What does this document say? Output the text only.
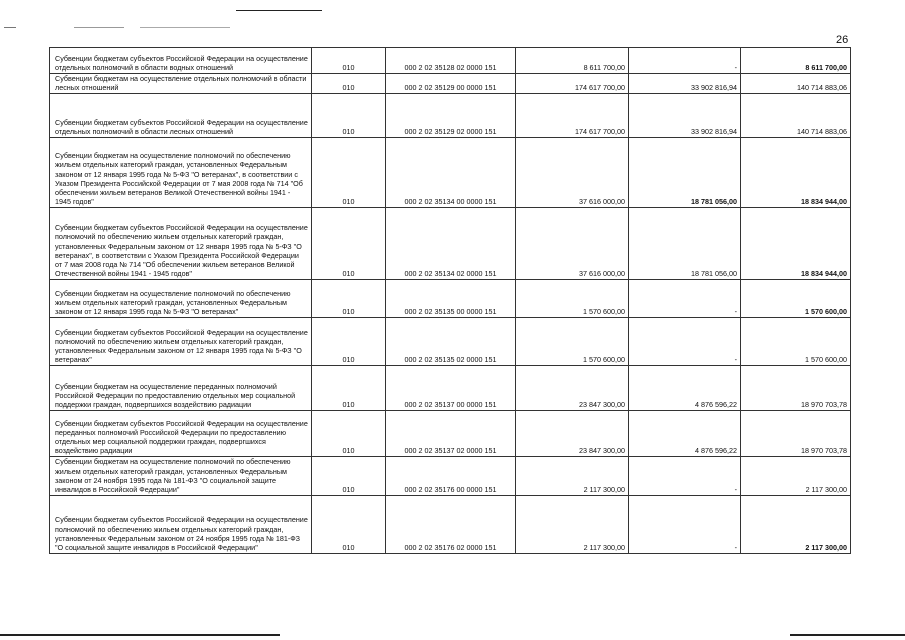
26
Субвенции бюджетам субъектов Российской Федерации на осуществление отдельных полномочий в области водных отношений	010	000 2 02 35128 02 0000 151	8 611 700,00	-	8 611 700,00
Субвенции бюджетам на осуществление отдельных полномочий в области лесных отношений	010	000 2 02 35129 00 0000 151	174 617 700,00	33 902 816,94	140 714 883,06
Субвенции бюджетам субъектов Российской Федерации на осуществление отдельных полномочий в области лесных отношений	010	000 2 02 35129 02 0000 151	174 617 700,00	33 902 816,94	140 714 883,06
Субвенции бюджетам на осуществление полномочий по обеспечению жильем отдельных категорий граждан, установленных Федеральным законом от 12 января 1995 года № 5-ФЗ "О ветеранах", в соответствии с Указом Президента Российской Федерации от 7 мая 2008 года № 714 "Об обеспечении жильем ветеранов Великой Отечественной войны 1941 - 1945 годов"	010	000 2 02 35134 00 0000 151	37 616 000,00	18 781 056,00	18 834 944,00
Субвенции бюджетам субъектов Российской Федерации на осуществление полномочий по обеспечению жильем отдельных категорий граждан, установленных Федеральным законом от 12 января 1995 года № 5-ФЗ "О ветеранах", в соответствии с Указом Президента Российской Федерации от 7 мая 2008 года № 714 "Об обеспечении жильем ветеранов Великой Отечественной войны 1941 - 1945 годов"	010	000 2 02 35134 02 0000 151	37 616 000,00	18 781 056,00	18 834 944,00
Субвенции бюджетам на осуществление полномочий по обеспечению жильем отдельных категорий граждан, установленных Федеральным законом от 12 января 1995 года № 5-ФЗ "О ветеранах"	010	000 2 02 35135 00 0000 151	1 570 600,00	-	1 570 600,00
Субвенции бюджетам субъектов Российской Федерации на осуществление полномочий по обеспечению жильем отдельных категорий граждан, установленных Федеральным законом от 12 января 1995 года № 5-ФЗ "О ветеранах"	010	000 2 02 35135 02 0000 151	1 570 600,00	-	1 570 600,00
Субвенции бюджетам на осуществление переданных полномочий Российской Федерации по предоставлению отдельных мер социальной поддержки граждан, подвергшихся воздействию радиации	010	000 2 02 35137 00 0000 151	23 847 300,00	4 876 596,22	18 970 703,78
Субвенции бюджетам субъектов Российской Федерации на осуществление переданных полномочий Российской Федерации по предоставлению отдельных мер социальной поддержки граждан, подвергшихся воздействию радиации	010	000 2 02 35137 02 0000 151	23 847 300,00	4 876 596,22	18 970 703,78
Субвенции бюджетам на осуществление полномочий по обеспечению жильем отдельных категорий граждан, установленных Федеральным законом от 24 ноября 1995 года № 181-ФЗ "О социальной защите инвалидов в Российской Федерации"	010	000 2 02 35176 00 0000 151	2 117 300,00	-	2 117 300,00
Субвенции бюджетам субъектов Российской Федерации на осуществление полномочий по обеспечению жильем отдельных категорий граждан, установленных Федеральным законом от 24 ноября 1995 года № 181-ФЗ "О социальной защите инвалидов в Российской Федерации"	010	000 2 02 35176 02 0000 151	2 117 300,00	-	2 117 300,00
